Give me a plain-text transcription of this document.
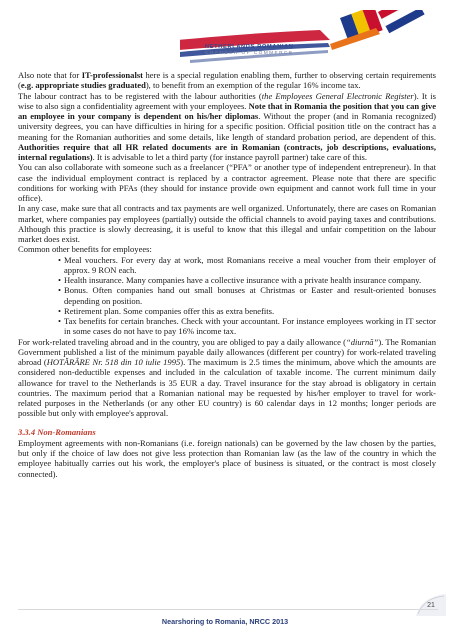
NETHERLANDS ROMANIAN
CHAMBER OF COMMERCE

Also note that for IT-professionalst here is a special regulation enabling them, further to observing certain requirements (e.g. appropriate studies graduated), to benefit from an exemption of the regular 16% income tax.

The labour contract has to be registered with the labour authorities (the Employees General Electronic Register). It is wise to also sign a confidentiality agreement with your employees. Note that in Romania the position that you can give an employee in your company is dependent on his/her diplomas. Without the proper (and in Romania recognized) university degrees, you can have difficulties in hiring for a specific position. Official position title on the contract has a meaning for the Romanian authorities and some details, like length of standard probation period, are dependent of this. Authorities require that all HR related documents are in Romanian (contracts, job descriptions, evaluations, internal regulations). It is advisable to let a third party (for instance payroll partner) take care of this.

You can also collaborate with someone such as a freelancer (“PFA” or another type of independent entrepreneur). In that case the individual employment contract is replaced by a contractor agreement. Please note that there are specific conditions for working with PFAs (they should for instance provide own equipment and cannot work full time in your office).

In any case, make sure that all contracts and tax payments are well organized. Unfortunately, there are cases on Romanian market, where companies pay employees (partially) outside the official channels to avoid paying taxes and contributions. Although this practice is slowly decreasing, it is useful to know that this illegal and unfair competition on the labour market does exist.

Common other benefits for employees:

• Meal vouchers. For every day at work, most Romanians receive a meal voucher from their employer of approx. 9 RON each.
• Health insurance. Many companies have a collective insurance with a private health insurance company.
• Bonus. Often companies hand out small bonuses at Christmas or Easter and result-oriented bonuses depending on position.
• Retirement plan. Some companies offer this as extra benefits.
• Tax benefits for certain branches. Check with your accountant. For instance employees working in IT sector in some cases do not have to pay 16% income tax.

For work-related traveling abroad and in the country, you are obliged to pay a daily allowance (“diurnă”). The Romanian Government published a list of the minimum payable daily allowances (different per country) for work-related traveling abroad (HOTĂRÂRE Nr. 518 din 10 iulie 1995). The maximum is 2.5 times the minimum, above which the amounts are considered non-deductible expenses and included in the calculation of taxable income. The current minimum daily allowance for travel to the Netherlands is 35 EUR a day. Travel insurance for the stay abroad is obligatory in certain countries. The maximum period that a Romanian national may be requested by his/her employer to travel for work-related purposes in the Netherlands (or any other EU country) is 60 calendar days in 12 months; longer periods are possible but only with employee's approval.

3.3.4 Non-Romanians

Employment agreements with non-Romanians (i.e. foreign nationals) can be governed by the law chosen by the parties, but only if the choice of law does not give less protection than Romanian law (as the law of the country in which the employee habitually carries out his work, the employer's place of business is situated, or the contract is most closely connected).

21
Nearshoring to Romania, NRCC 2013
